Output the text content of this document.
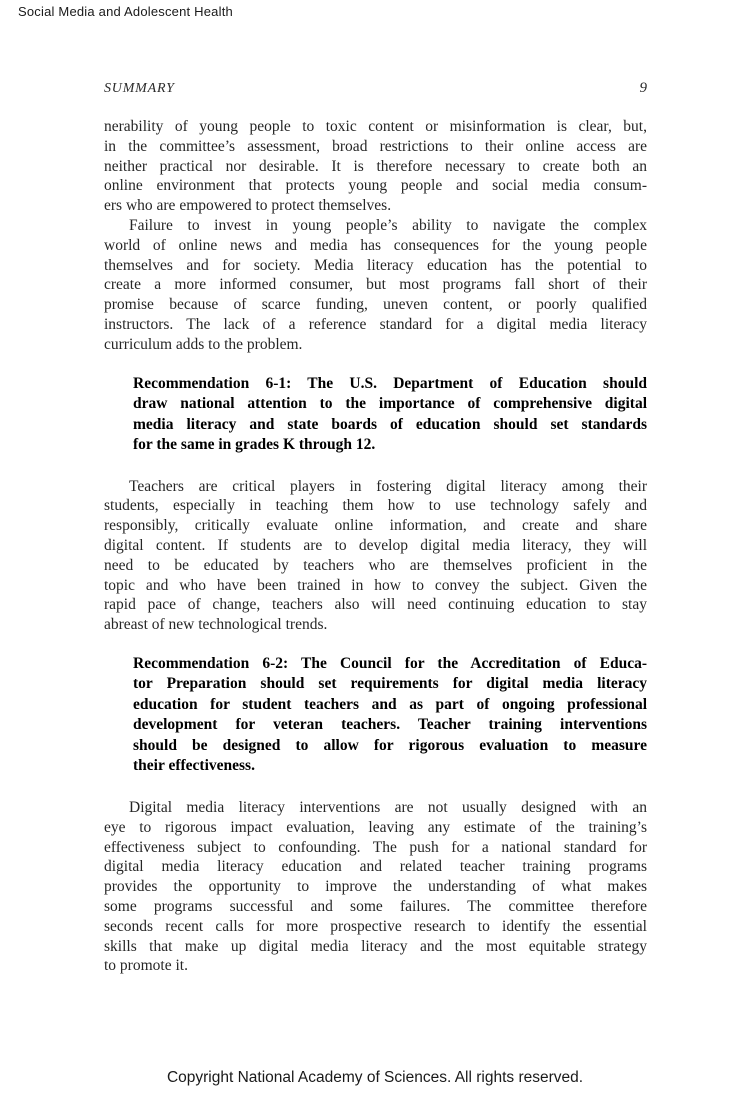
Social Media and Adolescent Health
SUMMARY	9
nerability of young people to toxic content or misinformation is clear, but,
in the committee’s assessment, broad restrictions to their online access are
neither practical nor desirable. It is therefore necessary to create both an
online environment that protects young people and social media consum-
ers who are empowered to protect themselves.
Failure to invest in young people’s ability to navigate the complex
world of online news and media has consequences for the young people
themselves and for society. Media literacy education has the potential to
create a more informed consumer, but most programs fall short of their
promise because of scarce funding, uneven content, or poorly qualified
instructors. The lack of a reference standard for a digital media literacy
curriculum adds to the problem.
Recommendation 6-1: The U.S. Department of Education should
draw national attention to the importance of comprehensive digital
media literacy and state boards of education should set standards
for the same in grades K through 12.
Teachers are critical players in fostering digital literacy among their
students, especially in teaching them how to use technology safely and
responsibly, critically evaluate online information, and create and share
digital content. If students are to develop digital media literacy, they will
need to be educated by teachers who are themselves proficient in the
topic and who have been trained in how to convey the subject. Given the
rapid pace of change, teachers also will need continuing education to stay
abreast of new technological trends.
Recommendation 6-2: The Council for the Accreditation of Educa-
tor Preparation should set requirements for digital media literacy
education for student teachers and as part of ongoing professional
development for veteran teachers. Teacher training interventions
should be designed to allow for rigorous evaluation to measure
their effectiveness.
Digital media literacy interventions are not usually designed with an
eye to rigorous impact evaluation, leaving any estimate of the training’s
effectiveness subject to confounding. The push for a national standard for
digital media literacy education and related teacher training programs
provides the opportunity to improve the understanding of what makes
some programs successful and some failures. The committee therefore
seconds recent calls for more prospective research to identify the essential
skills that make up digital media literacy and the most equitable strategy
to promote it.
Copyright National Academy of Sciences. All rights reserved.
